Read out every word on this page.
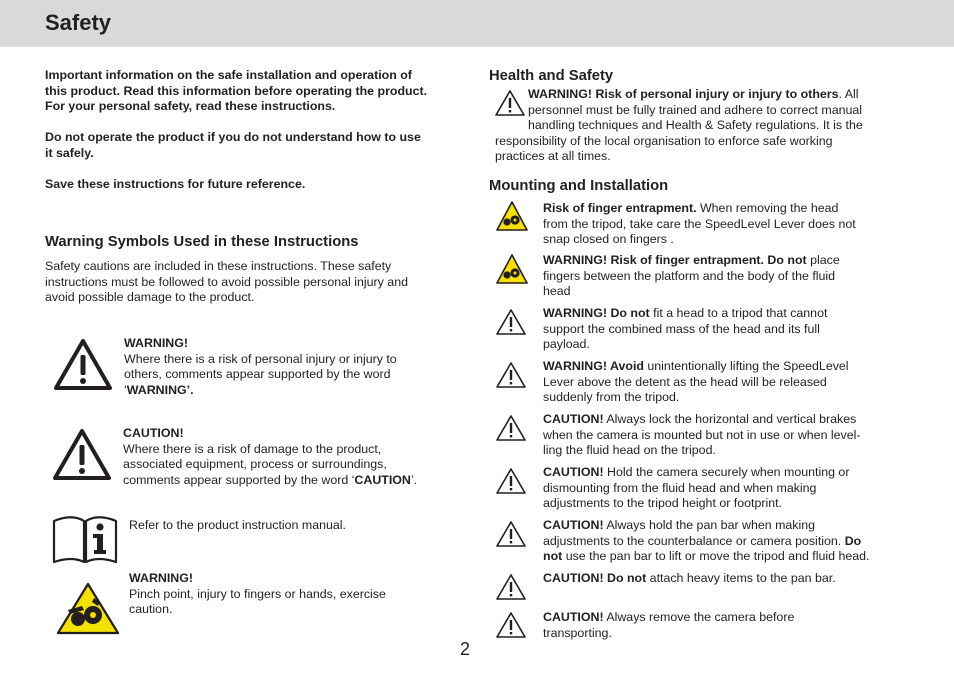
Safety

Important information on the safe installation and operation of

this product. Read this information before operating the product.

For your personal safety, read these instructions.

Do not operate the product if you do not understand how to use

it safely.

Save these instructions for future reference.

Warning Symbols Used in these Instructions
Safety cautions are included in these instructions. These safety
instructions must be followed to avoid possible personal injury and
avoid possible damage to the product.

WARNING!

Where there is a risk of personal injury or injury to

others, comments appear supported by the word

‘WARNING’.

CAUTION!

Where there is a risk of damage to the product,

associated equipment, process or surroundings,

comments appear supported by the word ‘CAUTION’.

Refer to the product instruction manual.

WARNING!

Pinch point, injury to fingers or hands, exercise

caution.

Health and Safety
WARNING! Risk of personal injury or injury to others. All
personnel must be fully trained and adhere to correct manual
handling techniques and Health & Safety regulations. It is the
responsibility of the local organisation to enforce safe working
practices at all times.
Mounting and Installation
Risk of finger entrapment. When removing the head
from the tripod, take care the SpeedLevel Lever does not
snap closed on fingers .
WARNING! Risk of finger entrapment. Do not place
fingers between the platform and the body of the fluid
head
WARNING! Do not fit a head to a tripod that cannot
support the combined mass of the head and its full
payload.
WARNING! Avoid unintentionally lifting the SpeedLevel
Lever above the detent as the head will be released
suddenly from the tripod.
CAUTION! Always lock the horizontal and vertical brakes
when the camera is mounted but not in use or when level-
ling the fluid head on the tripod.
CAUTION! Hold the camera securely when mounting or
dismounting from the fluid head and when making
adjustments to the tripod height or footprint.
CAUTION! Always hold the pan bar when making
adjustments to the counterbalance or camera position. Do
not use the pan bar to lift or move the tripod and fluid head.
CAUTION! Do not attach heavy items to the pan bar.
CAUTION! Always remove the camera before
transporting.
2
